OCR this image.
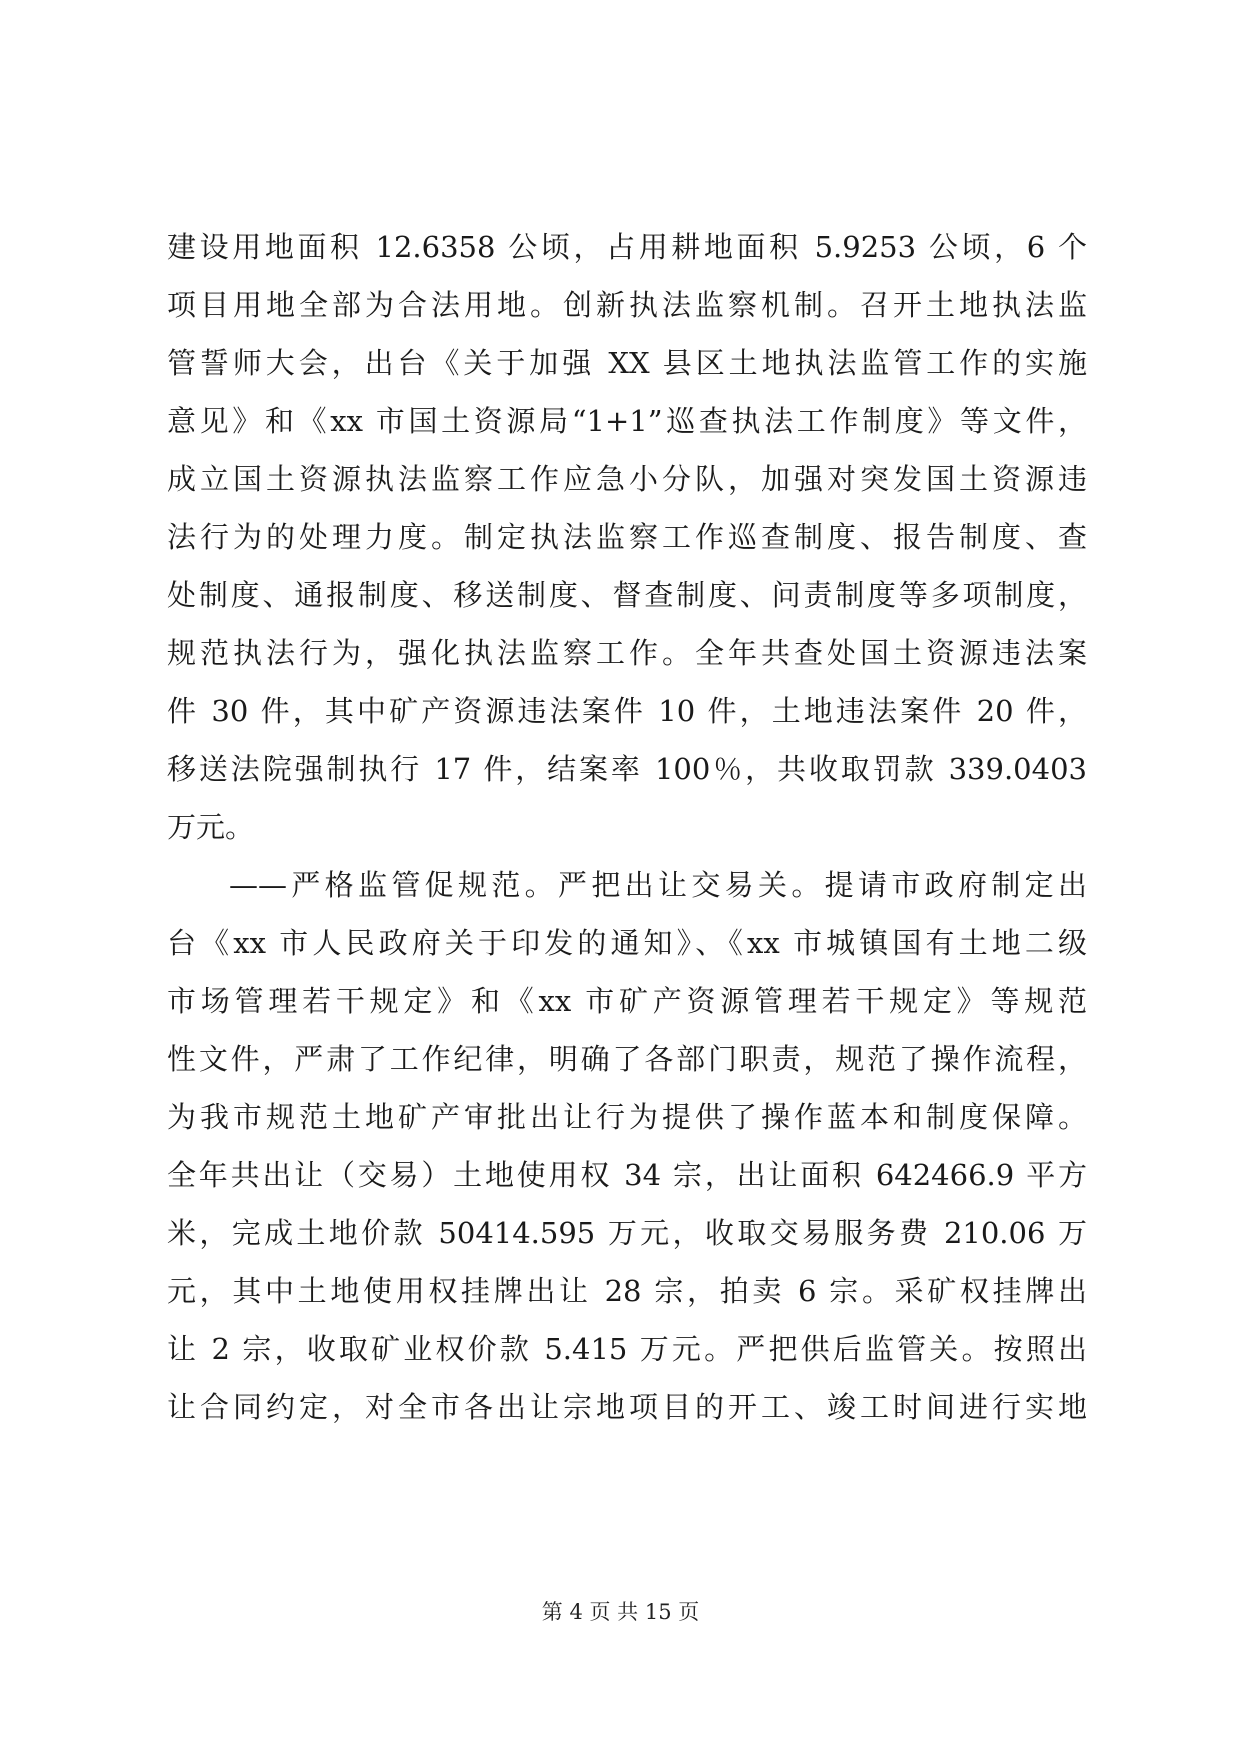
建设用地面积 12.6358 公顷，占用耕地面积 5.9253 公顷，6 个
项目用地全部为合法用地。创新执法监察机制。召开土地执法监
管誓师大会，出台《关于加强 XX 县区土地执法监管工作的实施
意见》和《xx 市国土资源局“1+1”巡查执法工作制度》等文件，
成立国土资源执法监察工作应急小分队，加强对突发国土资源违
法行为的处理力度。制定执法监察工作巡查制度、报告制度、查
处制度、通报制度、移送制度、督查制度、问责制度等多项制度，
规范执法行为，强化执法监察工作。全年共查处国土资源违法案
件 30 件，其中矿产资源违法案件 10 件，土地违法案件 20 件，
移送法院强制执行 17 件，结案率 100％，共收取罚款 339.0403
万元。
——严格监管促规范。严把出让交易关。提请市政府制定出
台《xx 市人民政府关于印发的通知》、《xx 市城镇国有土地二级
市场管理若干规定》和《xx 市矿产资源管理若干规定》等规范
性文件，严肃了工作纪律，明确了各部门职责，规范了操作流程，
为我市规范土地矿产审批出让行为提供了操作蓝本和制度保障。
全年共出让（交易）土地使用权 34 宗，出让面积 642466.9 平方
米，完成土地价款 50414.595 万元，收取交易服务费 210.06 万
元，其中土地使用权挂牌出让 28 宗，拍卖 6 宗。采矿权挂牌出
让 2 宗，收取矿业权价款 5.415 万元。严把供后监管关。按照出
让合同约定，对全市各出让宗地项目的开工、竣工时间进行实地
第 4 页 共 15 页
